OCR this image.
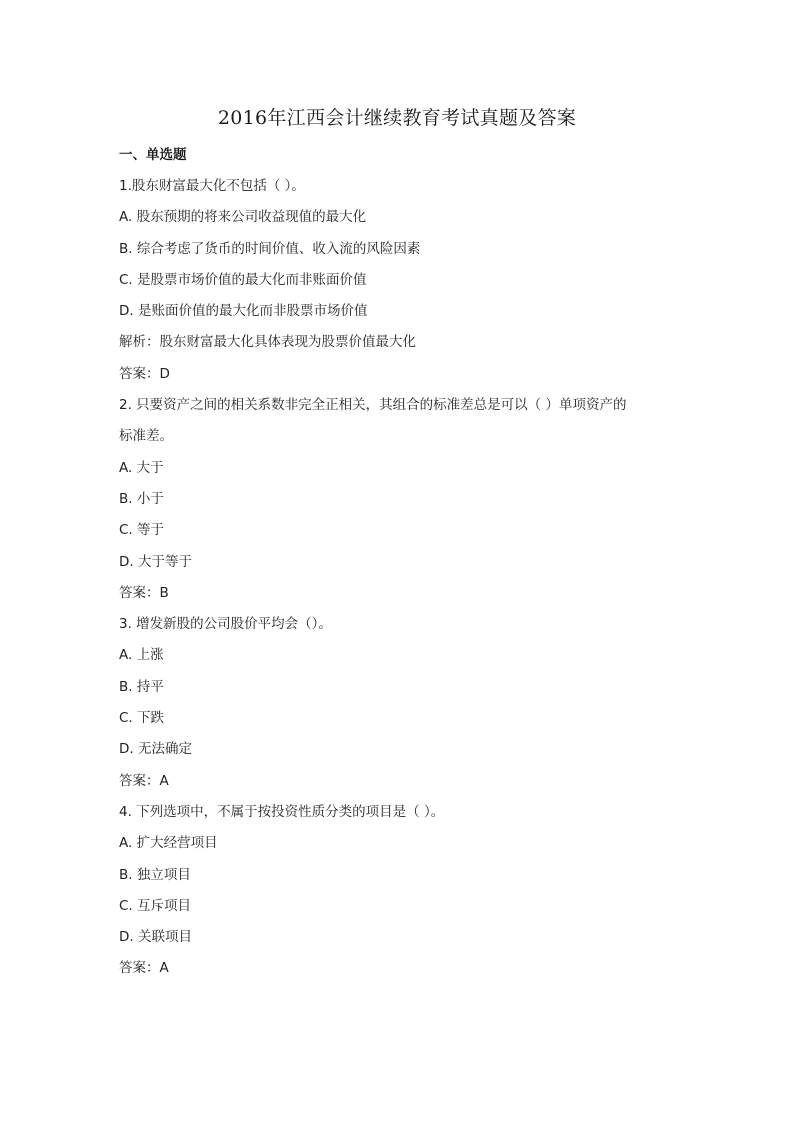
2016年江西会计继续教育考试真题及答案
一、单选题
1.股东财富最大化不包括（ ）。
A. 股东预期的将来公司收益现值的最大化
B. 综合考虑了货币的时间价值、收入流的风险因素
C. 是股票市场价值的最大化而非账面价值
D. 是账面价值的最大化而非股票市场价值
解析：股东财富最大化具体表现为股票价值最大化
答案：D
2. 只要资产之间的相关系数非完全正相关，其组合的标准差总是可以（ ）单项资产的
标准差。
A. 大于
B. 小于
C. 等于
D. 大于等于
答案：B
3. 增发新股的公司股价平均会（）。
A. 上涨
B. 持平
C. 下跌
D. 无法确定
答案：A
4. 下列选项中，不属于按投资性质分类的项目是（ ）。
A. 扩大经营项目
B. 独立项目
C. 互斥项目
D. 关联项目
答案：A
